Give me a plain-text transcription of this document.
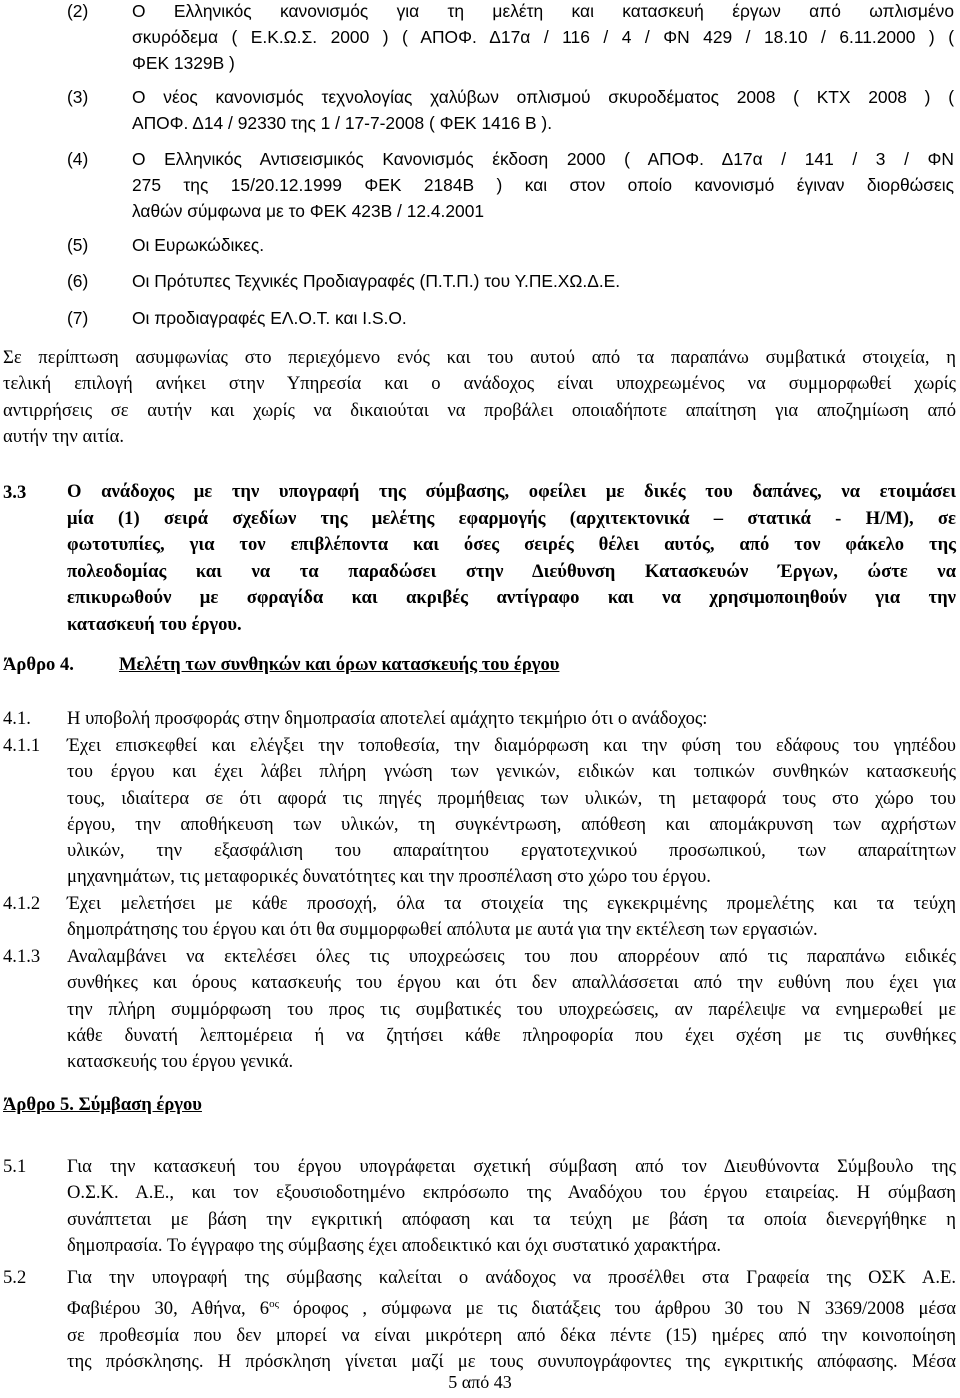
(2)	Ο Ελληνικός κανονισμός για τη μελέτη και κατασκευή έργων από ωπλισμένο
σκυρόδεμα ( Ε.Κ.Ω.Σ. 2000 ) ( ΑΠΟΦ. Δ17α / 116 / 4 / ΦΝ 429 / 18.10 / 6.11.2000 ) (
ΦΕΚ 1329Β )
(3)	Ο νέος κανονισμός τεχνολογίας χαλύβων οπλισμού σκυροδέματος 2008 ( ΚΤΧ 2008 ) (
ΑΠΟΦ. Δ14 / 92330 της 1 / 17-7-2008 ( ΦΕΚ 1416 Β ).
(4)	Ο Ελληνικός Αντισεισμικός Κανονισμός έκδοση 2000 ( ΑΠΟΦ. Δ17α / 141 / 3 / ΦΝ
275 της 15/20.12.1999 ΦΕΚ 2184Β ) και στον οποίο κανονισμό έγιναν διορθώσεις
λαθών σύμφωνα με το ΦΕΚ 423Β / 12.4.2001
(5)	Οι Ευρωκώδικες.
(6)	Οι Πρότυπες Τεχνικές Προδιαγραφές (Π.Τ.Π.) του Υ.ΠΕ.ΧΩ.Δ.Ε.
(7)	Οι προδιαγραφές ΕΛ.Ο.Τ. και I.S.O.
Σε περίπτωση ασυμφωνίας στο περιεχόμενο ενός και του αυτού από τα παραπάνω συμβατικά στοιχεία, η
τελική επιλογή ανήκει στην Υπηρεσία και ο ανάδοχος είναι υποχρεωμένος να συμμορφωθεί χωρίς
αντιρρήσεις σε αυτήν και χωρίς να δικαιούται να προβάλει οποιαδήποτε απαίτηση για αποζημίωση από
αυτήν την αιτία.
3.3 Ο ανάδοχος με την υπογραφή της σύμβασης, οφείλει με δικές του δαπάνες, να ετοιμάσει
μία (1) σειρά σχεδίων της μελέτης εφαρμογής (αρχιτεκτονικά – στατικά - Η/Μ), σε
φωτοτυπίες, για τον επιβλέποντα και όσες σειρές θέλει αυτός, από τον φάκελο της
πολεοδομίας και να τα παραδώσει στην Διεύθυνση Κατασκευών Έργων, ώστε να
επικυρωθούν με σφραγίδα και ακριβές αντίγραφο και να χρησιμοποιηθούν για την
κατασκευή του έργου.
Άρθρο 4. Μελέτη των συνθηκών και όρων κατασκευής του έργου
4.1. Η υποβολή προσφοράς στην δημοπρασία αποτελεί αμάχητο τεκμήριο ότι ο ανάδοχος:
4.1.1 Έχει επισκεφθεί και ελέγξει την τοποθεσία, την διαμόρφωση και την φύση του εδάφους του γηπέδου
του έργου και έχει λάβει πλήρη γνώση των γενικών, ειδικών και τοπικών συνθηκών κατασκευής
τους, ιδιαίτερα σε ότι αφορά τις πηγές προμήθειας των υλικών, τη μεταφορά τους στο χώρο του
έργου, την αποθήκευση των υλικών, τη συγκέντρωση, απόθεση και απομάκρυνση των αχρήστων
υλικών, την εξασφάλιση του απαραίτητου εργατοτεχνικού προσωπικού, των απαραίτητων
μηχανημάτων, τις μεταφορικές δυνατότητες και την προσπέλαση στο χώρο του έργου.
4.1.2 Έχει μελετήσει με κάθε προσοχή, όλα τα στοιχεία της εγκεκριμένης προμελέτης και τα τεύχη
δημοπράτησης του έργου και ότι θα συμμορφωθεί απόλυτα με αυτά για την εκτέλεση των εργασιών.
4.1.3 Αναλαμβάνει να εκτελέσει όλες τις υποχρεώσεις του που απορρέουν από τις παραπάνω ειδικές
συνθήκες και όρους κατασκευής του έργου και ότι δεν απαλλάσσεται από την ευθύνη που έχει για
την πλήρη συμμόρφωση του προς τις συμβατικές του υποχρεώσεις, αν παρέλειψε να ενημερωθεί με
κάθε δυνατή λεπτομέρεια ή να ζητήσει κάθε πληροφορία που έχει σχέση με τις συνθήκες
κατασκευής του έργου γενικά.
Άρθρο 5. Σύμβαση έργου
5.1 Για την κατασκευή του έργου υπογράφεται σχετική σύμβαση από τον Διευθύνοντα Σύμβουλο της
Ο.Σ.Κ. Α.Ε., και τον εξουσιοδοτημένο εκπρόσωπο της Αναδόχου του έργου εταιρείας. Η σύμβαση
συνάπτεται με βάση την εγκριτική απόφαση και τα τεύχη με βάση τα οποία διενεργήθηκε η
δημοπρασία. Το έγγραφο της σύμβασης έχει αποδεικτικό και όχι συστατικό χαρακτήρα.
5.2 Για την υπογραφή της σύμβασης καλείται ο ανάδοχος να προσέλθει στα Γραφεία της ΟΣΚ Α.Ε.
Φαβιέρου 30, Αθήνα, $6^{o\varsigma}$ όροφος , σύμφωνα με τις διατάξεις του άρθρου 30 του Ν 3369/2008 μέσα
σε προθεσμία που δεν μπορεί να είναι μικρότερη από δέκα πέντε (15) ημέρες από την κοινοποίηση
της πρόσκλησης. Η πρόσκληση γίνεται μαζί με τους συνυπογράφοντες της εγκριτικής απόφασης. Μέσα
5 από 43
